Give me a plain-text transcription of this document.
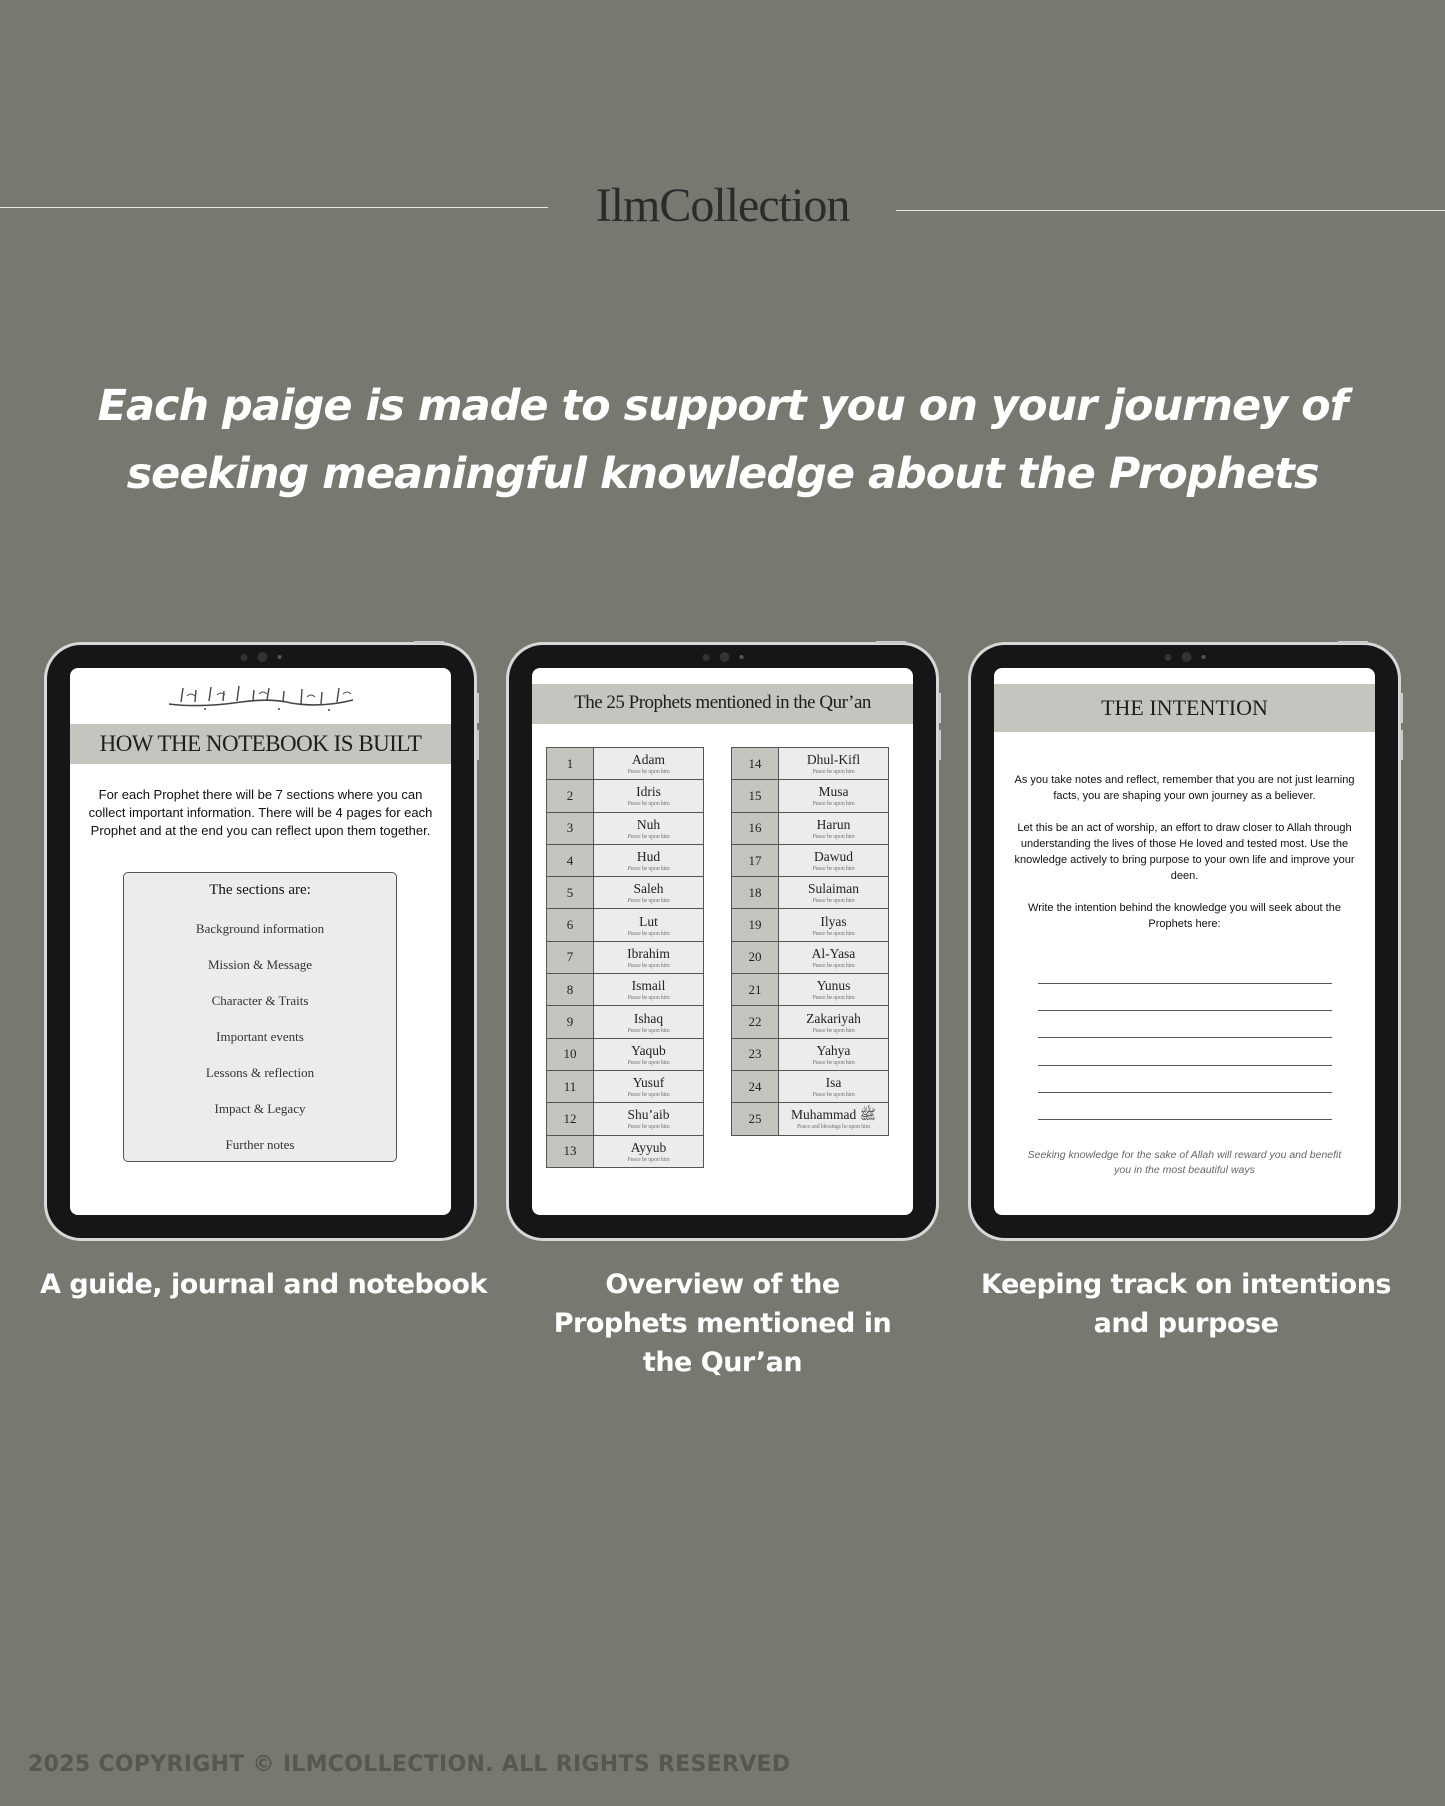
IlmCollection
Each paige is made to support you on your journey of
seeking meaningful knowledge about the Prophets
HOW THE NOTEBOOK IS BUILT
For each Prophet there will be 7 sections where you can collect important information. There will be 4 pages for each Prophet and at the end you can reflect upon them together.
The sections are:
Background information
Mission & Message
Character & Traits
Important events
Lessons & reflection
Impact & Legacy
Further notes
The 25 Prophets mentioned in the Qur’an
1	Adam
Peace be upon him

2	Idris
Peace be upon him

3	Nuh
Peace be upon him

4	Hud
Peace be upon him

5	Saleh
Peace be upon him

6	Lut
Peace be upon him

7	Ibrahim
Peace be upon him

8	Ismail
Peace be upon him

9	Ishaq
Peace be upon him

10	Yaqub
Peace be upon him

11	Yusuf
Peace be upon him

12	Shu’aib
Peace be upon him

13	Ayyub
Peace be upon him
14	Dhul-Kifl
Peace be upon him

15	Musa
Peace be upon him

16	Harun
Peace be upon him

17	Dawud
Peace be upon him

18	Sulaiman
Peace be upon him

19	Ilyas
Peace be upon him

20	Al-Yasa
Peace be upon him

21	Yunus
Peace be upon him

22	Zakariyah
Peace be upon him

23	Yahya
Peace be upon him

24	Isa
Peace be upon him

25	Muhammad ﷺ
Peace and blessings be upon him
THE INTENTION
As you take notes and reflect, remember that you are not just learning facts, you are shaping your own journey as a believer.
Let this be an act of worship, an effort to draw closer to Allah through understanding the lives of those He loved and tested most. Use the knowledge actively to bring purpose to your own life and improve your deen.
Write the intention behind the knowledge you will seek about the Prophets here:
Seeking knowledge for the sake of Allah will reward you and benefit you in the most beautiful ways
A guide, journal and notebook	Overview of the Prophets mentioned in the Qur’an
Keeping track on intentions and purpose
2025 COPYRIGHT © ILMCOLLECTION. ALL RIGHTS RESERVED
